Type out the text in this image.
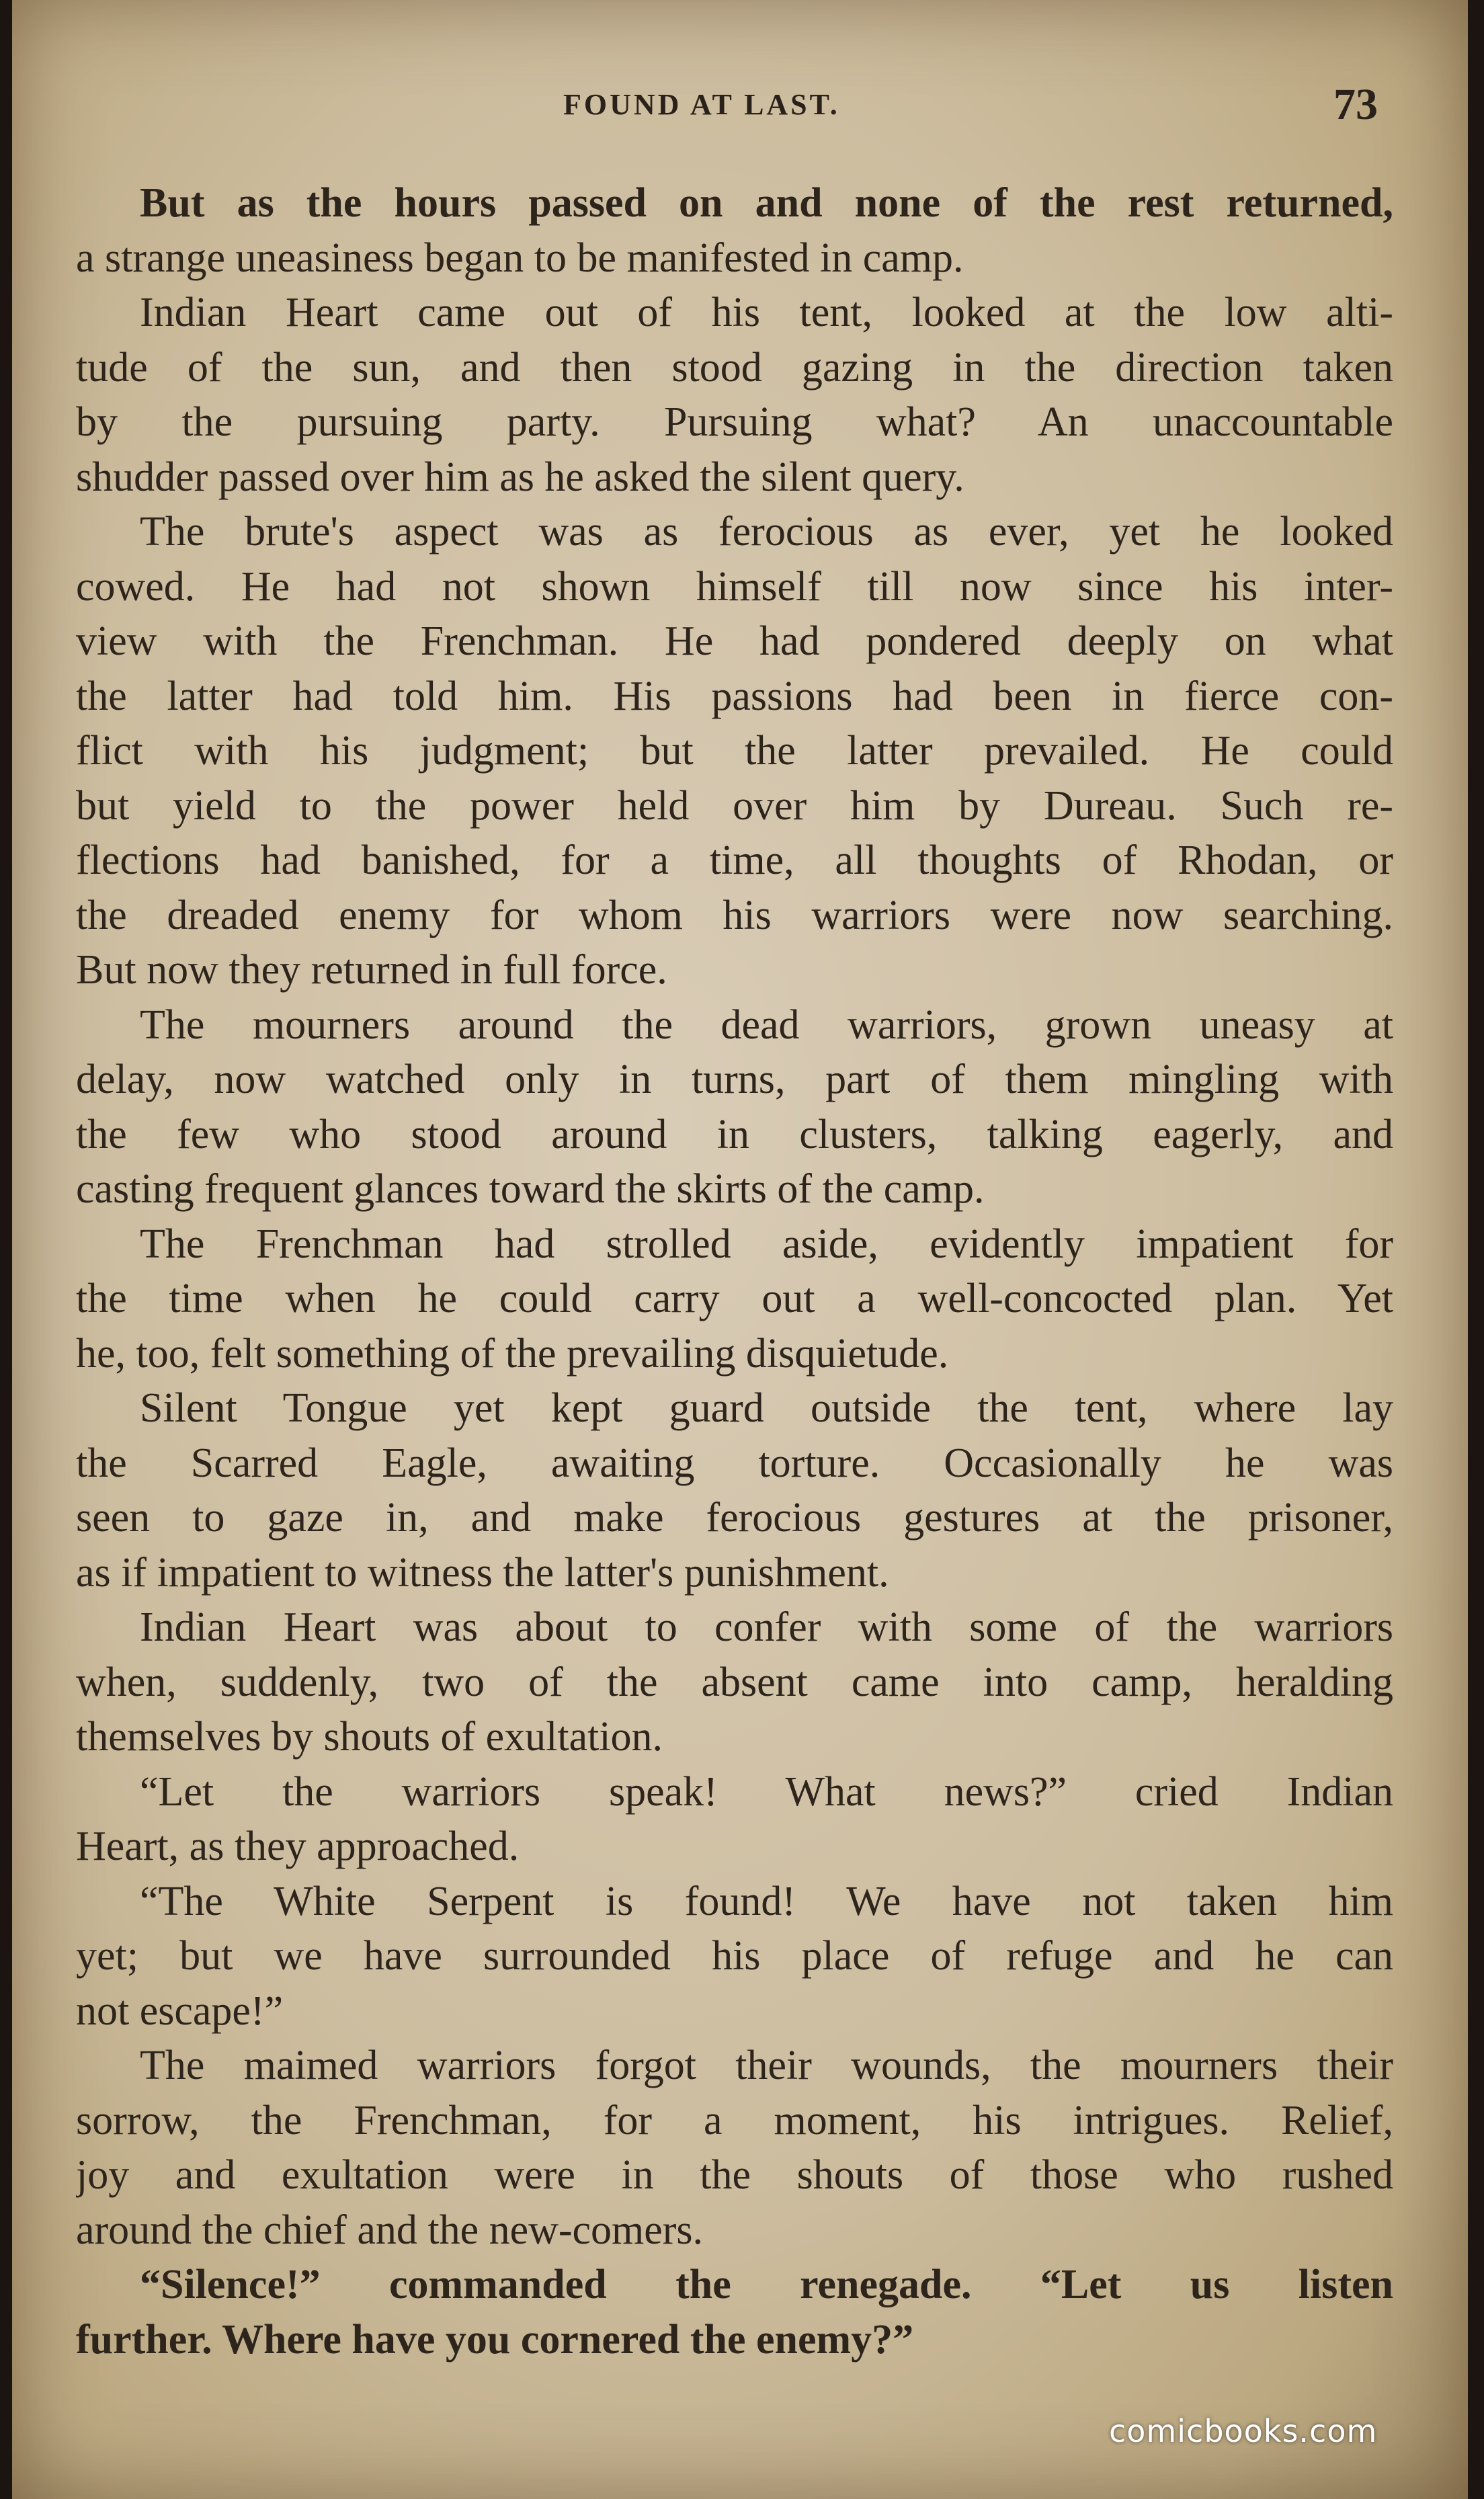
FOUND AT LAST.	73
But as the hours passed on and none of the rest returned,
a strange uneasiness began to be manifested in camp.
Indian Heart came out of his tent, looked at the low alti-
tude of the sun, and then stood gazing in the direction taken
by the pursuing party. Pursuing what? An unaccountable
shudder passed over him as he asked the silent query.
The brute's aspect was as ferocious as ever, yet he looked
cowed. He had not shown himself till now since his inter-
view with the Frenchman. He had pondered deeply on what
the latter had told him. His passions had been in fierce con-
flict with his judgment; but the latter prevailed. He could
but yield to the power held over him by Dureau. Such re-
flections had banished, for a time, all thoughts of Rhodan, or
the dreaded enemy for whom his warriors were now searching.
But now they returned in full force.
The mourners around the dead warriors, grown uneasy at
delay, now watched only in turns, part of them mingling with
the few who stood around in clusters, talking eagerly, and
casting frequent glances toward the skirts of the camp.
The Frenchman had strolled aside, evidently impatient for
the time when he could carry out a well-concocted plan. Yet
he, too, felt something of the prevailing disquietude.
Silent Tongue yet kept guard outside the tent, where lay
the Scarred Eagle, awaiting torture. Occasionally he was
seen to gaze in, and make ferocious gestures at the prisoner,
as if impatient to witness the latter's punishment.
Indian Heart was about to confer with some of the warriors
when, suddenly, two of the absent came into camp, heralding
themselves by shouts of exultation.
“Let the warriors speak! What news?” cried Indian
Heart, as they approached.
“The White Serpent is found! We have not taken him
yet; but we have surrounded his place of refuge and he can
not escape!”
The maimed warriors forgot their wounds, the mourners their
sorrow, the Frenchman, for a moment, his intrigues. Relief,
joy and exultation were in the shouts of those who rushed
around the chief and the new-comers.
“Silence!” commanded the renegade. “Let us listen
further. Where have you cornered the enemy?”
comicbooks.com
